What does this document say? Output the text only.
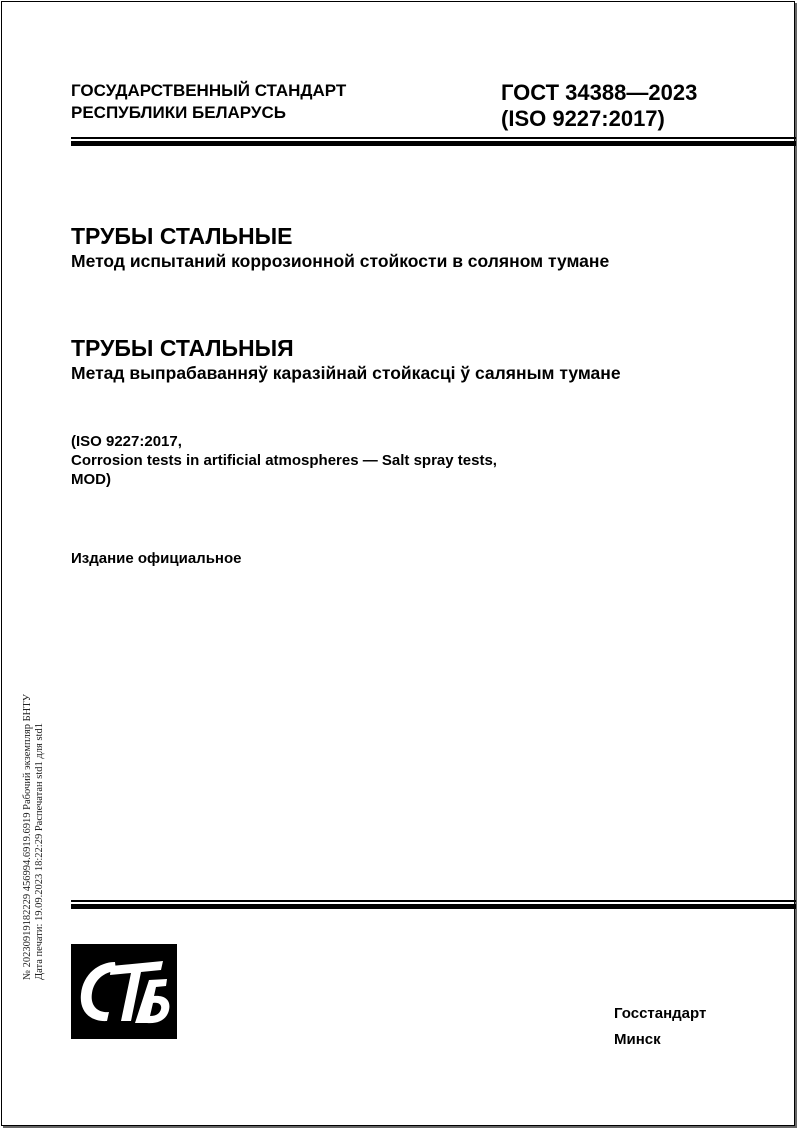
ГОСУДАРСТВЕННЫЙ СТАНДАРТ
РЕСПУБЛИКИ БЕЛАРУСЬ
ГОСТ 34388—2023
(ISO 9227:2017)
ТРУБЫ СТАЛЬНЫЕ
Метод испытаний коррозионной стойкости в соляном тумане
ТРУБЫ СТАЛЬНЫЯ
Метад выпрабаванняў каразійнай стойкасці ў саляным тумане
(ISO 9227:2017,
Corrosion tests in artificial atmospheres — Salt spray tests,
MOD)
Издание официальное
№ 20230919182229 456994.6919.6919 Рабочий экземпляр БНТУ Дата печати: 19.09.2023 18:22:29 Распечатан std1 для std1
Госстандарт
Минск
